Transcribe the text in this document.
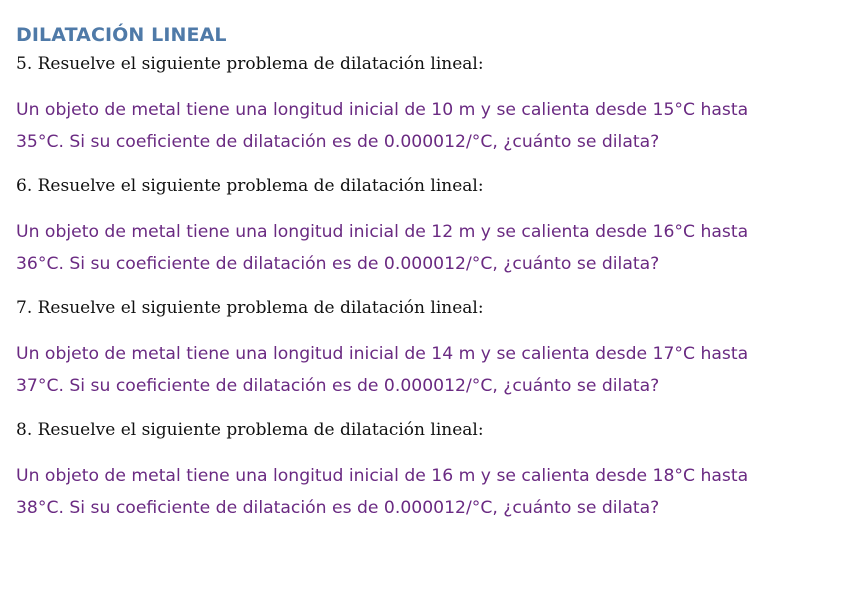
DILATACIÓN LINEAL

5. Resuelve el siguiente problema de dilatación lineal:

Un objeto de metal tiene una longitud inicial de 10 m y se calienta desde 15°C hasta
35°C. Si su coeficiente de dilatación es de 0.000012/°C, ¿cuánto se dilata?

6. Resuelve el siguiente problema de dilatación lineal:

Un objeto de metal tiene una longitud inicial de 12 m y se calienta desde 16°C hasta
36°C. Si su coeficiente de dilatación es de 0.000012/°C, ¿cuánto se dilata?

7. Resuelve el siguiente problema de dilatación lineal:

Un objeto de metal tiene una longitud inicial de 14 m y se calienta desde 17°C hasta
37°C. Si su coeficiente de dilatación es de 0.000012/°C, ¿cuánto se dilata?

8. Resuelve el siguiente problema de dilatación lineal:

Un objeto de metal tiene una longitud inicial de 16 m y se calienta desde 18°C hasta
38°C. Si su coeficiente de dilatación es de 0.000012/°C, ¿cuánto se dilata?
